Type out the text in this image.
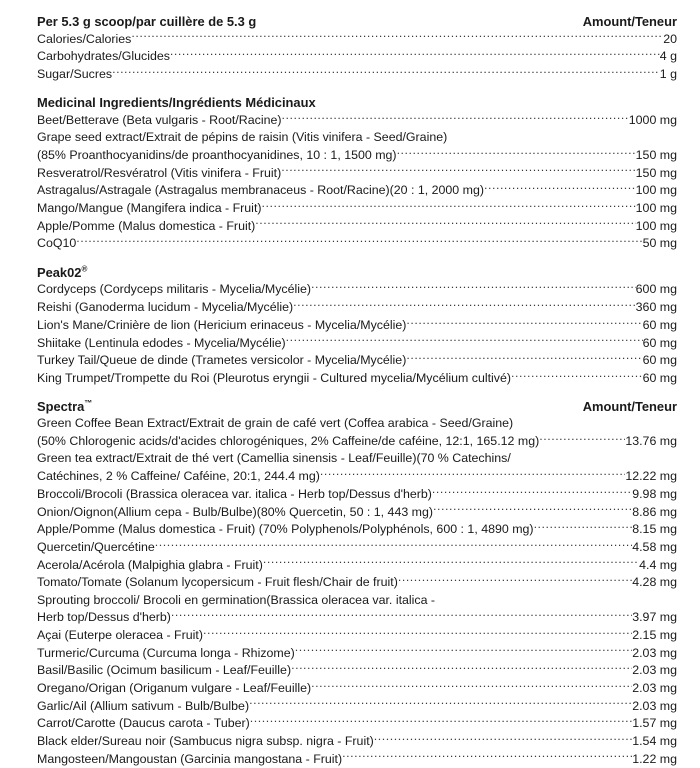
Per 5.3 g scoop/par cuillère de 5.3 g	Amount/Teneur
Calories/Calories .....	20
Carbohydrates/Glucides .....	4 g
Sugar/Sucres .....	1 g
Medicinal Ingredients/Ingrédients Médicinaux
Beet/Betterave (Beta vulgaris - Root/Racine) .....	1000 mg
Grape seed extract/Extrait de pépins de raisin (Vitis vinifera - Seed/Graine)
(85% Proanthocyanidins/de proanthocyanidines, 10 : 1, 1500 mg) .....	150 mg
Resveratrol/Resvératrol (Vitis vinifera - Fruit) .....	150 mg
Astragalus/Astragale (Astragalus membranaceus - Root/Racine)(20 : 1, 2000 mg) .....	100 mg
Mango/Mangue (Mangifera indica - Fruit) .....	100 mg
Apple/Pomme (Malus domestica - Fruit) .....	100 mg
CoQ10 .....	50 mg
Peak02®
Cordyceps (Cordyceps militaris - Mycelia/Mycélie) .....	600 mg
Reishi (Ganoderma lucidum - Mycelia/Mycélie) .....	360 mg
Lion's Mane/Crinière de lion (Hericium erinaceus - Mycelia/Mycélie) .....	60 mg
Shiitake (Lentinula edodes - Mycelia/Mycélie) .....	60 mg
Turkey Tail/Queue de dinde (Trametes versicolor - Mycelia/Mycélie) .....	60 mg
King Trumpet/Trompette du Roi (Pleurotus eryngii - Cultured mycelia/Mycélium cultivé) .....	60 mg
Spectra™	Amount/Teneur
Green Coffee Bean Extract/Extrait de grain de café vert (Coffea arabica - Seed/Graine)
(50% Chlorogenic acids/d'acides chlorogéniques, 2% Caffeine/de caféine, 12:1, 165.12 mg) .....	13.76 mg
Green tea extract/Extrait de thé vert (Camellia sinensis - Leaf/Feuille)(70 % Catechins/
Catéchines, 2 % Caffeine/ Caféine, 20:1, 244.4 mg) .....	12.22 mg
Broccoli/Brocoli (Brassica oleracea var. italica - Herb top/Dessus d'herb) .....	9.98 mg
Onion/Oignon(Allium cepa - Bulb/Bulbe)(80% Quercetin, 50 : 1, 443 mg) .....	8.86 mg
Apple/Pomme (Malus domestica - Fruit) (70% Polyphenols/Polyphénols, 600 : 1, 4890 mg) .....	8.15 mg
Quercetin/Quercétine .....	4.58 mg
Acerola/Acérola (Malpighia glabra - Fruit) .....	4.4 mg
Tomato/Tomate (Solanum lycopersicum - Fruit flesh/Chair de fruit) .....	4.28 mg
Sprouting broccoli/ Brocoli en germination(Brassica oleracea var. italica -
Herb top/Dessus d'herb) .....	3.97 mg
Açai (Euterpe oleracea - Fruit) .....	2.15 mg
Turmeric/Curcuma (Curcuma longa - Rhizome) .....	2.03 mg
Basil/Basilic (Ocimum basilicum - Leaf/Feuille) .....	2.03 mg
Oregano/Origan (Origanum vulgare - Leaf/Feuille) .....	2.03 mg
Garlic/Ail (Allium sativum - Bulb/Bulbe) .....	2.03 mg
Carrot/Carotte (Daucus carota - Tuber) .....	1.57 mg
Black elder/Sureau noir (Sambucus nigra subsp. nigra - Fruit) .....	1.54 mg
Mangosteen/Mangoustan (Garcinia mangostana - Fruit) .....	1.22 mg
